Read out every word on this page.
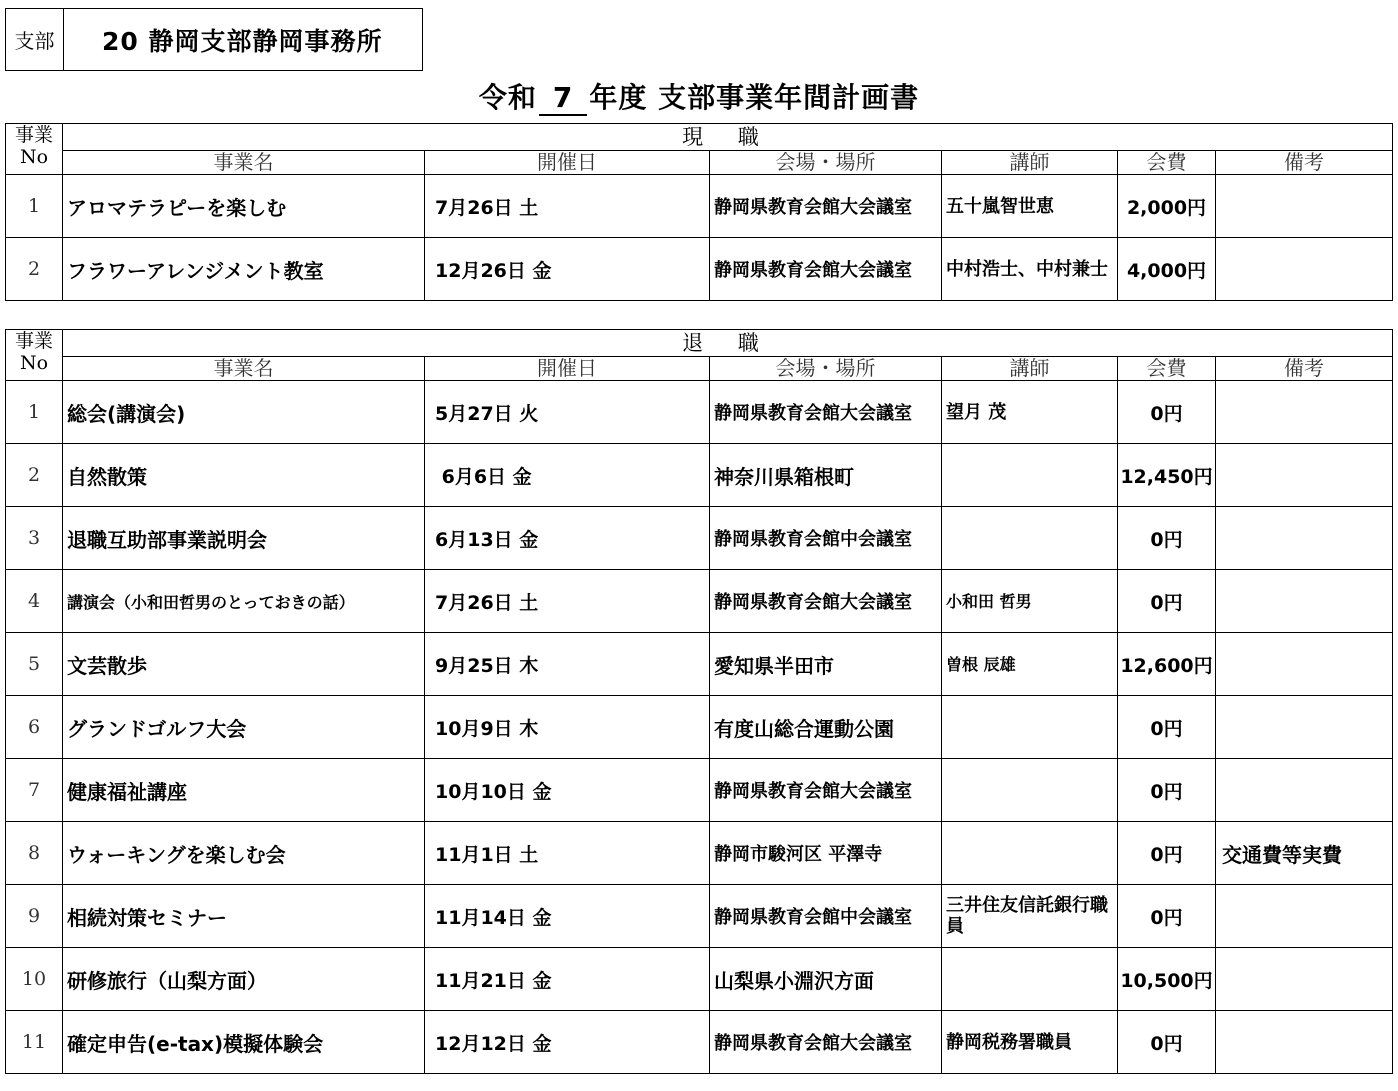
支部	20 静岡支部静岡事務所
令和 7 年度 支部事業年間計画書
事業
No	現 職					
	事業名	開催日	会場・場所	講師	会費	備考
1	アロマテラピーを楽しむ	7月26日 土	静岡県教育会館大会議室	五十嵐智世恵	2,000円	
2	フラワーアレンジメント教室	12月26日 金	静岡県教育会館大会議室	中村浩士、中村兼士	4,000円	
事業
No	退 職					
	事業名	開催日	会場・場所	講師	会費	備考
1	総会(講演会)	5月27日 火	静岡県教育会館大会議室	望月 茂	0円	
2	自然散策	6月6日 金	神奈川県箱根町		12,450円	
3	退職互助部事業説明会	6月13日 金	静岡県教育会館中会議室		0円	
4	講演会（小和田哲男のとっておきの話）	7月26日 土	静岡県教育会館大会議室	小和田 哲男	0円	
5	文芸散歩	9月25日 木	愛知県半田市	曽根 辰雄	12,600円	
6	グランドゴルフ大会	10月9日 木	有度山総合運動公園		0円	
7	健康福祉講座	10月10日 金	静岡県教育会館大会議室		0円	
8	ウォーキングを楽しむ会	11月1日 土	静岡市駿河区 平澤寺		0円	交通費等実費
9	相続対策セミナー	11月14日 金	静岡県教育会館中会議室	三井住友信託銀行職員	0円	
10	研修旅行（山梨方面）	11月21日 金	山梨県小淵沢方面		10,500円	
11	確定申告(e-tax)模擬体験会	12月12日 金	静岡県教育会館大会議室	静岡税務署職員	0円	
